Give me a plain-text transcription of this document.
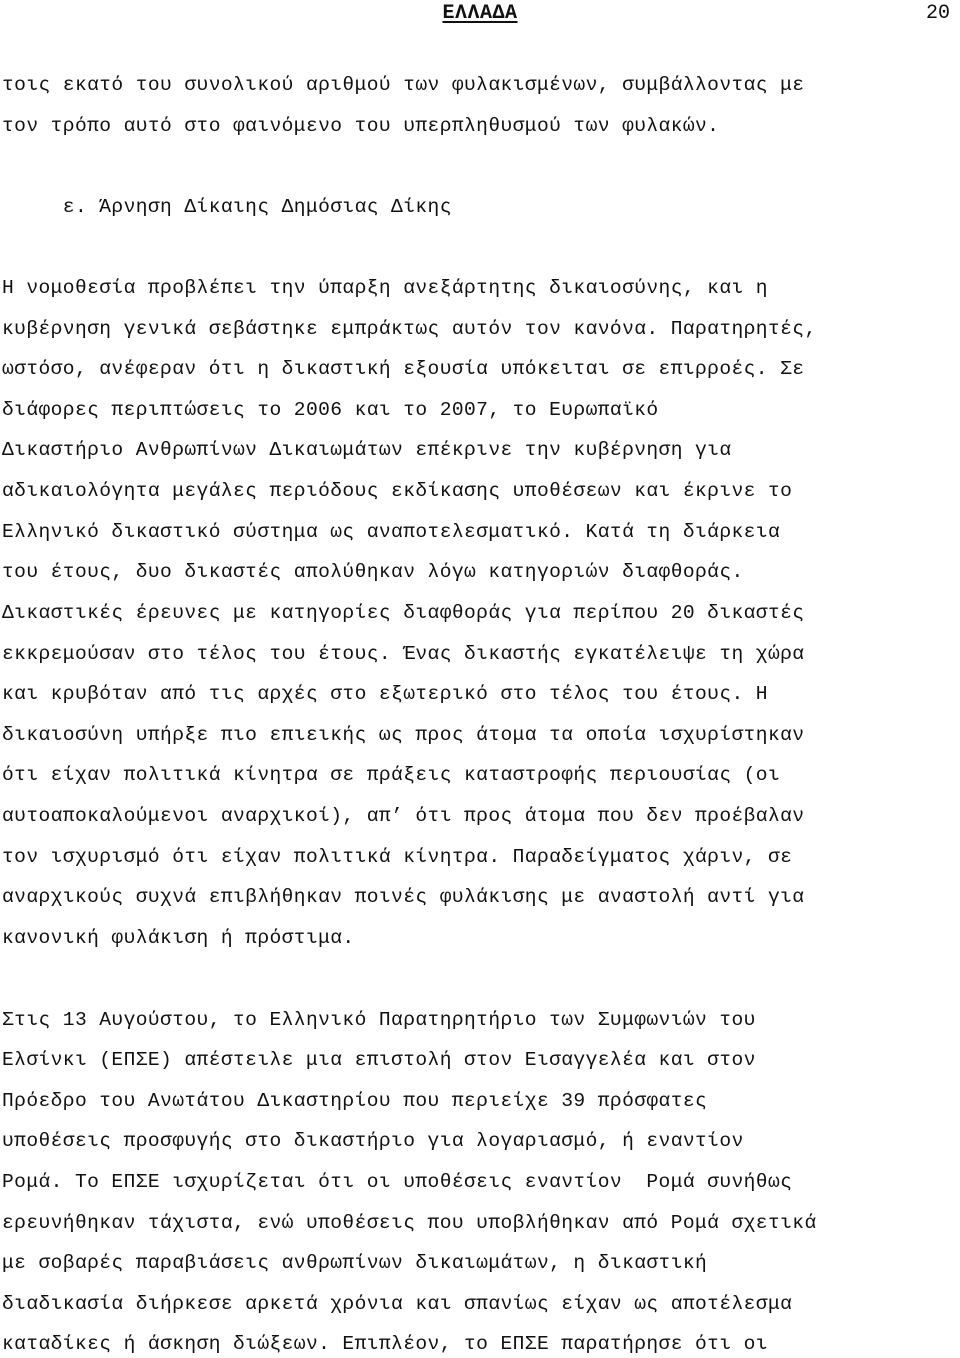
ΕΛΛΑΔΑ	20
τοις εκατό του συνολικού αριθμού των φυλακισμένων, συμβάλλοντας με
τον τρόπο αυτό στο φαινόμενο του υπερπληθυσμού των φυλακών.
ε. Άρνηση Δίκαιης Δημόσιας Δίκης
Η νομοθεσία προβλέπει την ύπαρξη ανεξάρτητης δικαιοσύνης, και η
κυβέρνηση γενικά σεβάστηκε εμπράκτως αυτόν τον κανόνα. Παρατηρητές,
ωστόσο, ανέφεραν ότι η δικαστική εξουσία υπόκειται σε επιρροές. Σε
διάφορες περιπτώσεις το 2006 και το 2007, το Ευρωπαϊκό
Δικαστήριο Ανθρωπίνων Δικαιωμάτων επέκρινε την κυβέρνηση για
αδικαιολόγητα μεγάλες περιόδους εκδίκασης υποθέσεων και έκρινε το
Ελληνικό δικαστικό σύστημα ως αναποτελεσματικό. Κατά τη διάρκεια
του έτους, δυο δικαστές απολύθηκαν λόγω κατηγοριών διαφθοράς.
Δικαστικές έρευνες με κατηγορίες διαφθοράς για περίπου 20 δικαστές
εκκρεμούσαν στο τέλος του έτους. Ένας δικαστής εγκατέλειψε τη χώρα
και κρυβόταν από τις αρχές στο εξωτερικό στο τέλος του έτους. Η
δικαιοσύνη υπήρξε πιο επιεικής ως προς άτομα τα οποία ισχυρίστηκαν
ότι είχαν πολιτικά κίνητρα σε πράξεις καταστροφής περιουσίας (οι
αυτοαποκαλούμενοι αναρχικοί), απ’ ότι προς άτομα που δεν προέβαλαν
τον ισχυρισμό ότι είχαν πολιτικά κίνητρα. Παραδείγματος χάριν, σε
αναρχικούς συχνά επιβλήθηκαν ποινές φυλάκισης με αναστολή αντί για
κανονική φυλάκιση ή πρόστιμα.
Στις 13 Αυγούστου, το Ελληνικό Παρατηρητήριο των Συμφωνιών του
Ελσίνκι (ΕΠΣΕ) απέστειλε μια επιστολή στον Εισαγγελέα και στον
Πρόεδρο του Ανωτάτου Δικαστηρίου που περιείχε 39 πρόσφατες
υποθέσεις προσφυγής στο δικαστήριο για λογαριασμό, ή εναντίον
Ρομά. Το ΕΠΣΕ ισχυρίζεται ότι οι υποθέσεις εναντίον  Ρομά συνήθως
ερευνήθηκαν τάχιστα, ενώ υποθέσεις που υποβλήθηκαν από Ρομά σχετικά
με σοβαρές παραβιάσεις ανθρωπίνων δικαιωμάτων, η δικαστική
διαδικασία διήρκεσε αρκετά χρόνια και σπανίως είχαν ως αποτέλεσμα
καταδίκες ή άσκηση διώξεων. Επιπλέον, το ΕΠΣΕ παρατήρησε ότι οι
